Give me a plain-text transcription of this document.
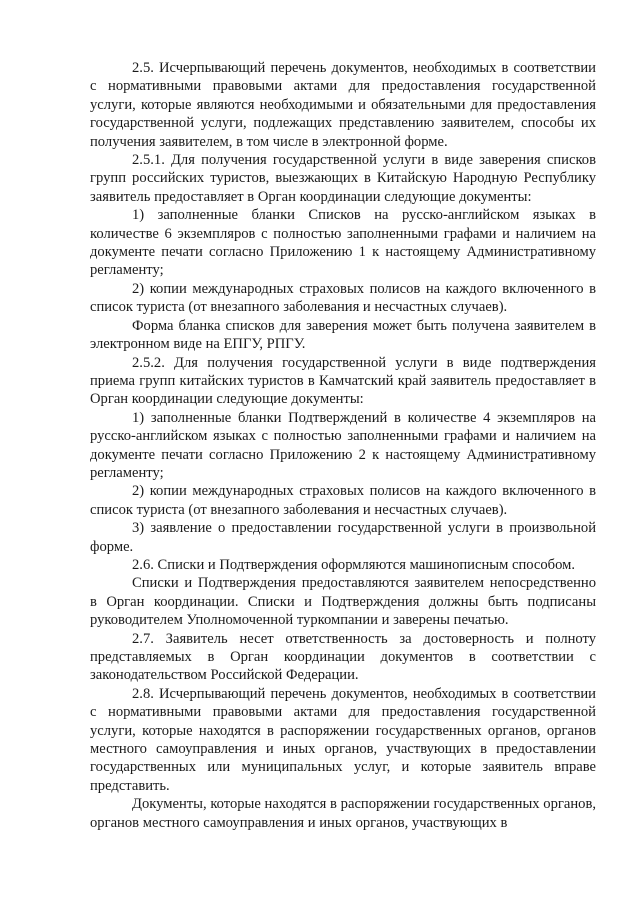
2.5. Исчерпывающий перечень документов, необходимых в соответствии с нормативными правовыми актами для предоставления государственной услуги, которые являются необходимыми и обязательными для предоставления государственной услуги, подлежащих представлению заявителем, способы их получения заявителем, в том числе в электронной форме.

2.5.1. Для получения государственной услуги в виде заверения списков групп российских туристов, выезжающих в Китайскую Народную Республику заявитель предоставляет в Орган координации следующие документы:

1) заполненные бланки Списков на русско-английском языках в количестве 6 экземпляров с полностью заполненными графами и наличием на документе печати согласно Приложению 1 к настоящему Административному регламенту;

2) копии международных страховых полисов на каждого включенного в список туриста (от внезапного заболевания и несчастных случаев).

Форма бланка списков для заверения может быть получена заявителем в электронном виде на ЕПГУ, РПГУ.

2.5.2. Для получения государственной услуги в виде подтверждения приема групп китайских туристов в Камчатский край заявитель предоставляет в Орган координации следующие документы:

1) заполненные бланки Подтверждений в количестве 4 экземпляров на русско-английском языках с полностью заполненными графами и наличием на документе печати согласно Приложению 2 к настоящему Административному регламенту;

2) копии международных страховых полисов на каждого включенного в список туриста (от внезапного заболевания и несчастных случаев).

3) заявление о предоставлении государственной услуги в произвольной форме.

2.6. Списки и Подтверждения оформляются машинописным способом.

Списки и Подтверждения предоставляются заявителем непосредственно в Орган координации. Списки и Подтверждения должны быть подписаны руководителем Уполномоченной туркомпании и заверены печатью.

2.7. Заявитель несет ответственность за достоверность и полноту представляемых в Орган координации документов в соответствии с законодательством Российской Федерации.

2.8. Исчерпывающий перечень документов, необходимых в соответствии с нормативными правовыми актами для предоставления государственной услуги, которые находятся в распоряжении государственных органов, органов местного самоуправления и иных органов, участвующих в предоставлении государственных или муниципальных услуг, и которые заявитель вправе представить.

Документы, которые находятся в распоряжении государственных органов, органов местного самоуправления и иных органов, участвующих в
